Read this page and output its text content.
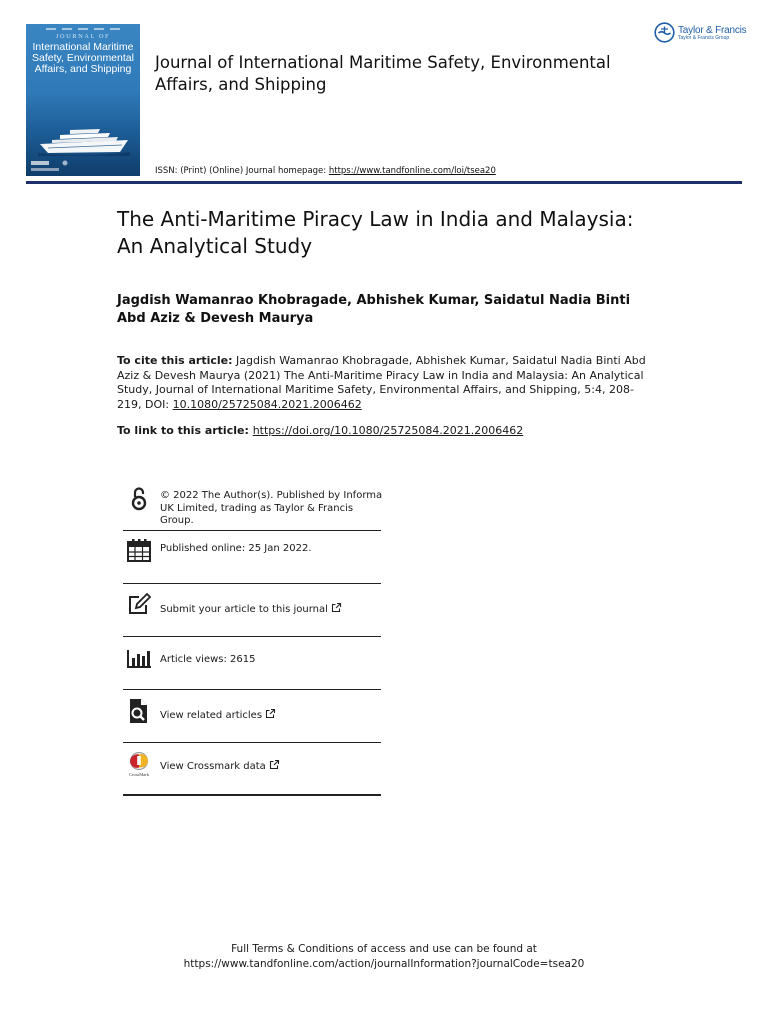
JOURNAL OF
International Maritime Safety, Environmental Affairs, and Shipping	Journal of International Maritime Safety, Environmental Affairs, and Shipping
ISSN: (Print) (Online) Journal homepage: https://www.tandfonline.com/loi/tsea20
Taylor & Francis
Taylor & Francis Group
The Anti-Maritime Piracy Law in India and Malaysia: An Analytical Study
Jagdish Wamanrao Khobragade, Abhishek Kumar, Saidatul Nadia Binti Abd Aziz & Devesh Maurya
To cite this article: Jagdish Wamanrao Khobragade, Abhishek Kumar, Saidatul Nadia Binti Abd Aziz & Devesh Maurya (2021) The Anti-Maritime Piracy Law in India and Malaysia: An Analytical Study, Journal of International Maritime Safety, Environmental Affairs, and Shipping, 5:4, 208-219, DOI: 10.1080/25725084.2021.2006462
To link to this article: https://doi.org/10.1080/25725084.2021.2006462
© 2022 The Author(s). Published by Informa UK Limited, trading as Taylor & Francis Group.
Published online: 25 Jan 2022.
Submit your article to this journal
Article views: 2615
View related articles
CrossMark
View Crossmark data
Full Terms & Conditions of access and use can be found at
https://www.tandfonline.com/action/journalInformation?journalCode=tsea20
